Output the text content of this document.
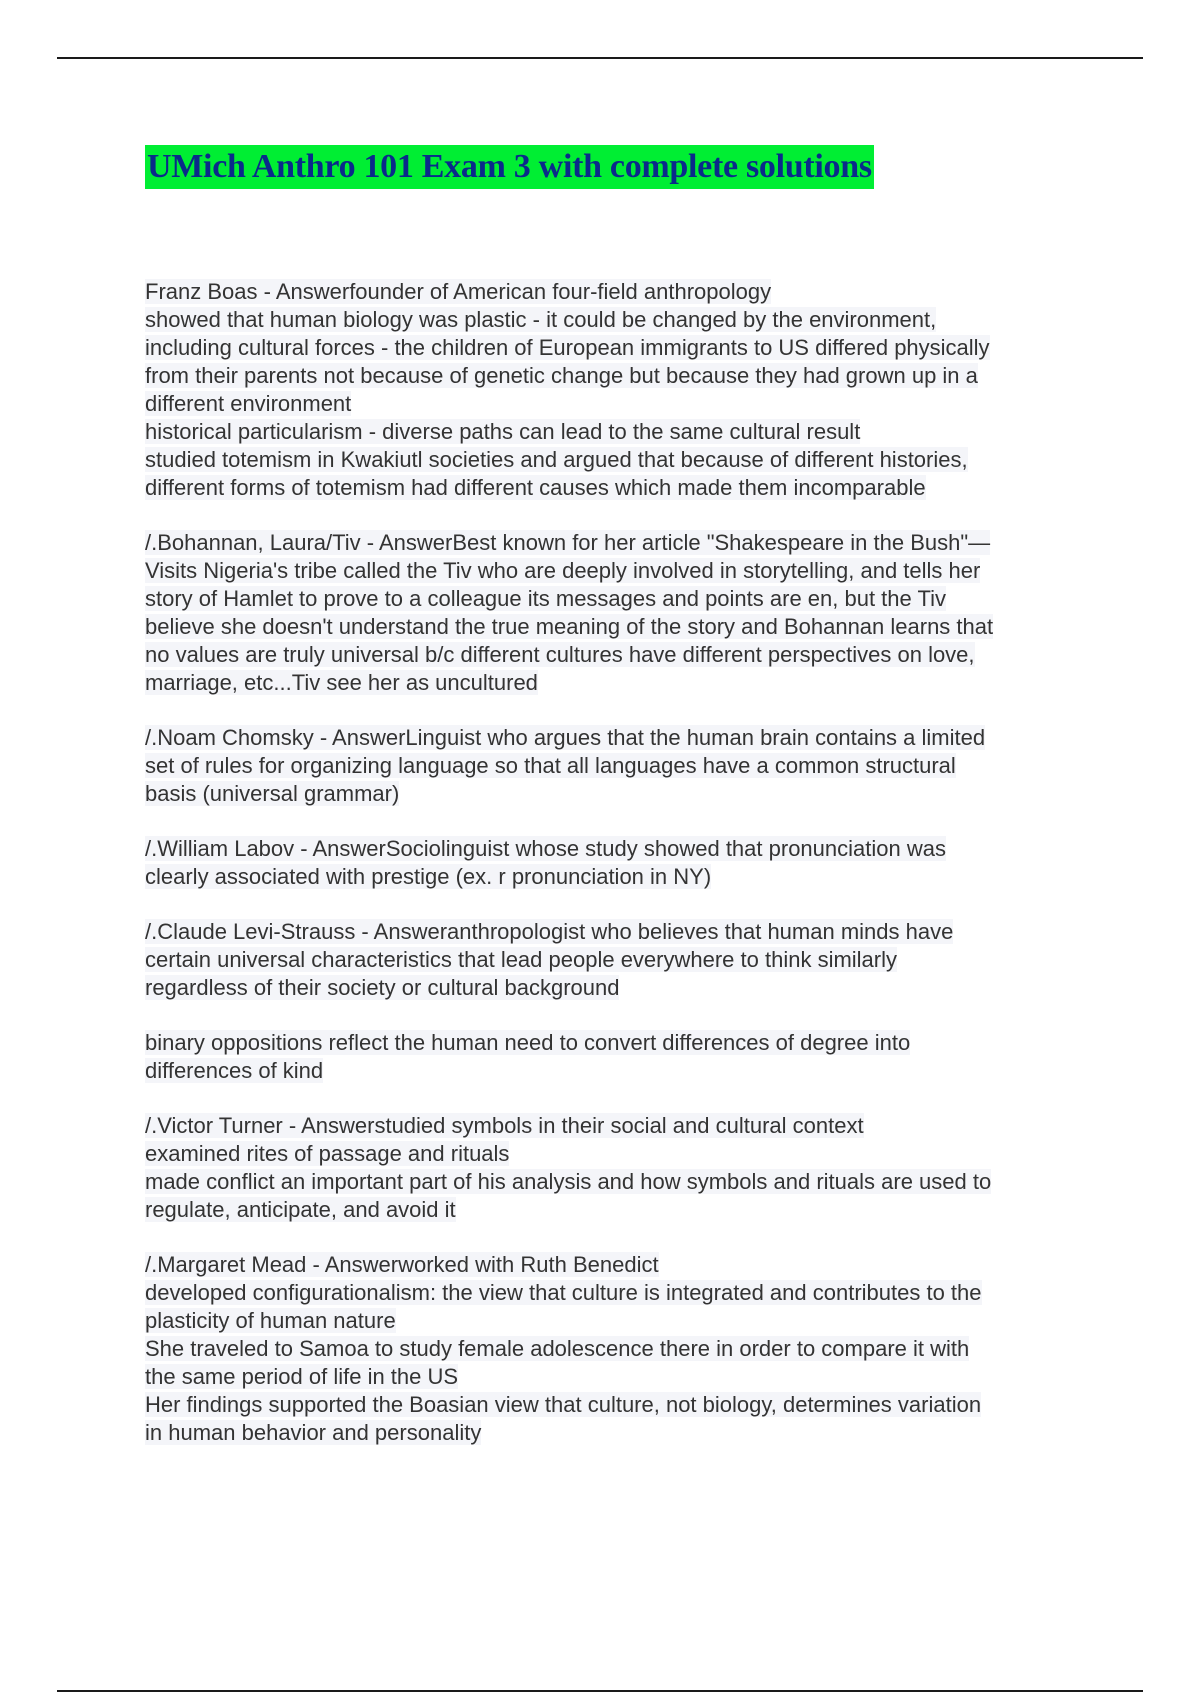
UMich Anthro 101 Exam 3 with complete solutions
Franz Boas - Answerfounder of American four-field anthropology
showed that human biology was plastic - it could be changed by the environment,
including cultural forces - the children of European immigrants to US differed physically
from their parents not because of genetic change but because they had grown up in a
different environment
historical particularism - diverse paths can lead to the same cultural result
studied totemism in Kwakiutl societies and argued that because of different histories,
different forms of totemism had different causes which made them incomparable
/.Bohannan, Laura/Tiv - AnswerBest known for her article "Shakespeare in the Bush"—
Visits Nigeria's tribe called the Tiv who are deeply involved in storytelling, and tells her
story of Hamlet to prove to a colleague its messages and points are en, but the Tiv
believe she doesn't understand the true meaning of the story and Bohannan learns that
no values are truly universal b/c different cultures have different perspectives on love,
marriage, etc...Tiv see her as uncultured
/.Noam Chomsky - AnswerLinguist who argues that the human brain contains a limited
set of rules for organizing language so that all languages have a common structural
basis (universal grammar)
/.William Labov - AnswerSociolinguist whose study showed that pronunciation was
clearly associated with prestige (ex. r pronunciation in NY)
/.Claude Levi-Strauss - Answeranthropologist who believes that human minds have
certain universal characteristics that lead people everywhere to think similarly
regardless of their society or cultural background
binary oppositions reflect the human need to convert differences of degree into
differences of kind
/.Victor Turner - Answerstudied symbols in their social and cultural context
examined rites of passage and rituals
made conflict an important part of his analysis and how symbols and rituals are used to
regulate, anticipate, and avoid it
/.Margaret Mead - Answerworked with Ruth Benedict
developed configurationalism: the view that culture is integrated and contributes to the
plasticity of human nature
She traveled to Samoa to study female adolescence there in order to compare it with
the same period of life in the US
Her findings supported the Boasian view that culture, not biology, determines variation
in human behavior and personality
